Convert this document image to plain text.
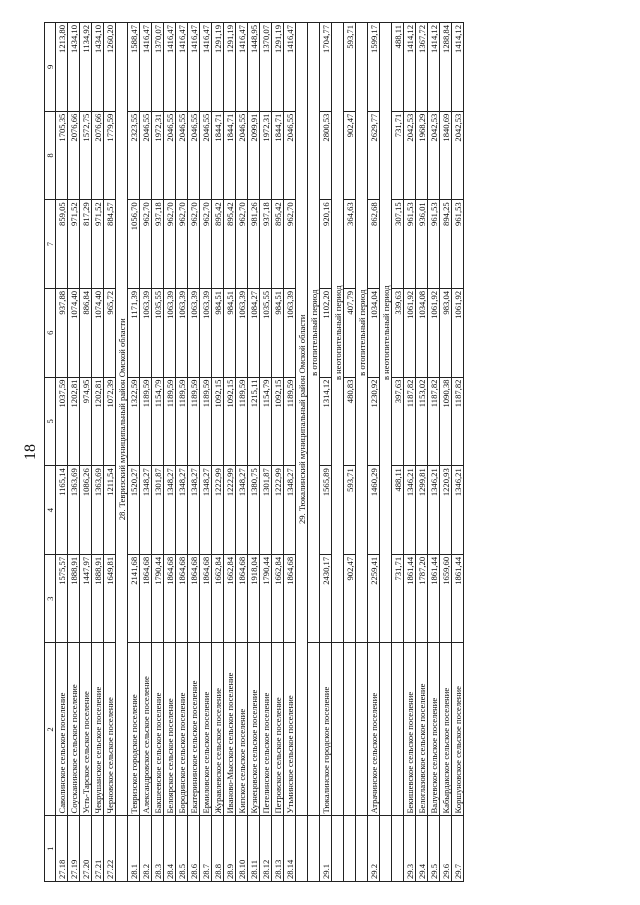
18
1	2	3	4	5	6	7	8	9
27.18	Саволинское сельское поселение	1575,57	1165,14	1037,59	937,88	859,05	1705,35	1213,80
27.19	Соусканинское сельское поселение	1888,91	1363,69	1202,81	1074,40	971,52	2076,66	1434,10
27.20	Усть-Тарское сельское поселение	1447,97	1086,26	974,95	886,84	817,29	1572,75	1134,92
27.21	Чекрушанское сельское поселение	1888,91	1363,69	1202,81	1074,40	971,52	2076,66	1434,10
27.22	Черновское сельское поселение	1649,81	1211,54	1072,39	965,72	884,57	1779,59	1260,20
	28. Тевризский муниципальный район Омской области							
28.1	Тевризское городское поселение	2141,68	1520,27	1322,59	1171,39	1056,70	2323,55	1588,47
28.2	Александровское сельское поселение	1864,68	1348,27	1189,59	1063,39	962,70	2046,55	1416,47
28.3	Бакшеевское сельское поселение	1790,44	1301,87	1154,79	1035,55	937,18	1972,31	1370,07
28.4	Белоярское сельское поселение	1864,68	1348,27	1189,59	1063,39	962,70	2046,55	1416,47
28.5	Бородинское сельское поселение	1864,68	1348,27	1189,59	1063,39	962,70	2046,55	1416,47
28.6	Екатерининское сельское поселение	1864,68	1348,27	1189,59	1063,39	962,70	2046,55	1416,47
28.7	Ермиловское сельское поселение	1864,68	1348,27	1189,59	1063,39	962,70	2046,55	1416,47
28.8	Журавлевское сельское поселение	1662,84	1222,99	1092,15	984,51	895,42	1844,71	1291,19
28.9	Иваново-Мысское сельское поселение	1662,84	1222,99	1092,15	984,51	895,42	1844,71	1291,19
28.10	Кипское сельское поселение	1864,68	1348,27	1189,59	1063,39	962,70	2046,55	1416,47
28.11	Кузнецовское сельское поселение	1918,04	1380,75	1215,11	1084,27	981,26	2099,91	1448,95
28.12	Петелинское сельское поселение	1790,44	1301,87	1154,79	1035,55	937,18	1972,31	1370,07
28.13	Петровское сельское поселение	1662,84	1222,99	1092,15	984,51	895,42	1844,71	1291,19
28.14	Утьминское сельское поселение	1864,68	1348,27	1189,59	1063,39	962,70	2046,55	1416,47
	29. Тюкалинский муниципальный район Омской области							
		в отопительный период						
29.1	Тюкалинское городское поселение	2430,17	1565,89	1314,12	1102,20	920,16	2800,53	1704,77
		в неотопительный период						
		902,47	593,71	480,83	407,79	364,63	902,47	593,71
		в отопительный период						
29.2	Атрачинское сельское поселение	2259,41	1460,29	1230,92	1034,04	862,68	2629,77	1599,17
		в неотопительный период						
		731,71	488,11	397,63	339,63	307,15	731,71	488,11
29.3	Бекишевское сельское поселение	1861,44	1346,21	1187,82	1061,92	961,53	2042,53	1414,12
29.4	Белоглазовское сельское поселение	1787,20	1299,81	1153,02	1034,08	936,01	1968,29	1367,72
29.5	Валуевское сельское поселение	1861,44	1346,21	1187,82	1061,92	961,53	2042,53	1414,12
29.6	Кабырдакское сельское поселение	1659,60	1220,93	1090,38	983,04	894,25	1840,69	1288,84
29.7	Коршуновское сельское поселение	1861,44	1346,21	1187,82	1061,92	961,53	2042,53	1414,12
